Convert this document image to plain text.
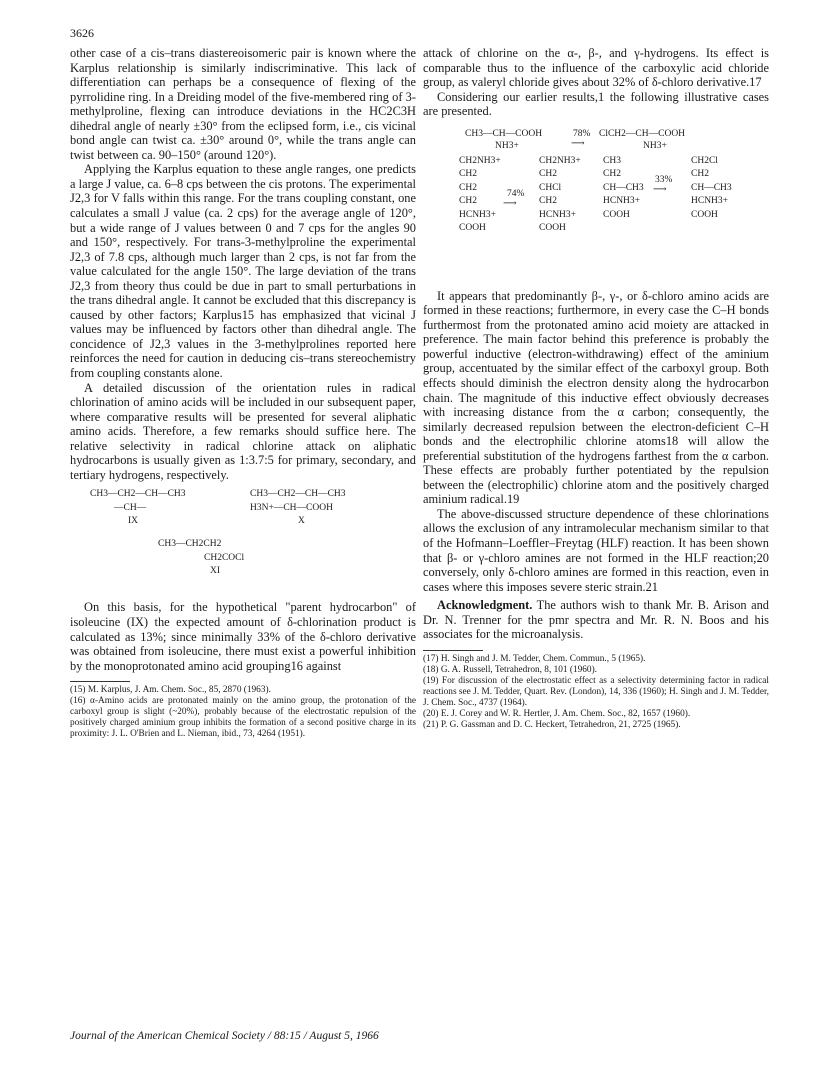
3626

other case of a cis–trans diastereoisomeric pair is known where the Karplus relationship is similarly indiscriminative. This lack of differentiation can perhaps be a consequence of flexing of the pyrrolidine ring. In a Dreiding model of the five-membered ring of 3-methylproline, flexing can introduce deviations in the HC2C3H dihedral angle of nearly ±30° from the eclipsed form, i.e., cis vicinal bond angle can twist ca. ±30° around 0°, while the trans angle can twist between ca. 90–150° (around 120°).

Applying the Karplus equation to these angle ranges, one predicts a large J value, ca. 6–8 cps between the cis protons. The experimental J2,3 for V falls within this range. For the trans coupling constant, one calculates a small J value (ca. 2 cps) for the average angle of 120°, but a wide range of J values between 0 and 7 cps for the angles 90 and 150°, respectively. For trans-3-methylproline the experimental J2,3 of 7.8 cps, although much larger than 2 cps, is not far from the value calculated for the angle 150°. The large deviation of the trans J2,3 from theory thus could be due in part to small perturbations in the trans dihedral angle. It cannot be excluded that this discrepancy is caused by other factors; Karplus15 has emphasized that vicinal J values may be influenced by factors other than dihedral angle. The concidence of J2,3 values in the 3-methylprolines reported here reinforces the need for caution in deducing cis–trans stereochemistry from coupling constants alone.

A detailed discussion of the orientation rules in radical chlorination of amino acids will be included in our subsequent paper, where comparative results will be presented for several aliphatic amino acids. Therefore, a few remarks should suffice here. The relative selectivity in radical chlorine attack on aliphatic hydrocarbons is usually given as 1:3.7:5 for primary, secondary, and tertiary hydrogens, respectively.

CH3—CH2—CH—CH3
—CH—
IX
CH3—CH2—CH—CH3
H3N+—CH—COOH
X
CH3—CH2CH2
CH2COCl
XI

On this basis, for the hypothetical "parent hydrocarbon" of isoleucine (IX) the expected amount of δ-chlorination product is calculated as 13%; since minimally 33% of the δ-chloro derivative was obtained from isoleucine, there must exist a powerful inhibition by the monoprotonated amino acid grouping16 against

(15) M. Karplus, J. Am. Chem. Soc., 85, 2870 (1963).
(16) α-Amino acids are protonated mainly on the amino group, the protonation of the carboxyl group is slight (~20%), probably because of the electrostatic repulsion of the positively charged aminium group inhibits the formation of a second positive charge in its proximity: J. L. O'Brien and L. Nieman, ibid., 73, 4264 (1951).

attack of chlorine on the α-, β-, and γ-hydrogens. Its effect is comparable thus to the influence of the carboxylic acid chloride group, as valeryl chloride gives about 32% of δ-chloro derivative.17

Considering our earlier results,1 the following illustrative cases are presented.

CH3—CH—COOH
NH3+
78%
⟶
ClCH2—CH—COOH
NH3+
CH2NH3+
CH2
CH2
CH2
HCNH3+
COOH
74%
⟶
CH2NH3+
CH2
CHCl
CH2
HCNH3+
COOH
CH3
CH2
CH—CH3
HCNH3+
COOH
33%
⟶
CH2Cl
CH2
CH—CH3
HCNH3+
COOH

It appears that predominantly β-, γ-, or δ-chloro amino acids are formed in these reactions; furthermore, in every case the C–H bonds furthermost from the protonated amino acid moiety are attacked in preference. The main factor behind this preference is probably the powerful inductive (electron-withdrawing) effect of the aminium group, accentuated by the similar effect of the carboxyl group. Both effects should diminish the electron density along the hydrocarbon chain. The magnitude of this inductive effect obviously decreases with increasing distance from the α carbon; consequently, the similarly decreased repulsion between the electron-deficient C–H bonds and the electrophilic chlorine atoms18 will allow the preferential substitution of the hydrogens farthest from the α carbon. These effects are probably further potentiated by the repulsion between the (electrophilic) chlorine atom and the positively charged aminium radical.19

The above-discussed structure dependence of these chlorinations allows the exclusion of any intramolecular mechanism similar to that of the Hofmann–Loeffler–Freytag (HLF) reaction. It has been shown that β- or γ-chloro amines are not formed in the HLF reaction;20 conversely, only δ-chloro amines are formed in this reaction, even in cases where this imposes severe steric strain.21

Acknowledgment. The authors wish to thank Mr. B. Arison and Dr. N. Trenner for the pmr spectra and Mr. R. N. Boos and his associates for the microanalysis.

(17) H. Singh and J. M. Tedder, Chem. Commun., 5 (1965).
(18) G. A. Russell, Tetrahedron, 8, 101 (1960).
(19) For discussion of the electrostatic effect as a selectivity determining factor in radical reactions see J. M. Tedder, Quart. Rev. (London), 14, 336 (1960); H. Singh and J. M. Tedder, J. Chem. Soc., 4737 (1964).
(20) E. J. Corey and W. R. Hertler, J. Am. Chem. Soc., 82, 1657 (1960).
(21) P. G. Gassman and D. C. Heckert, Tetrahedron, 21, 2725 (1965).
Journal of the American Chemical Society / 88:15 / August 5, 1966
